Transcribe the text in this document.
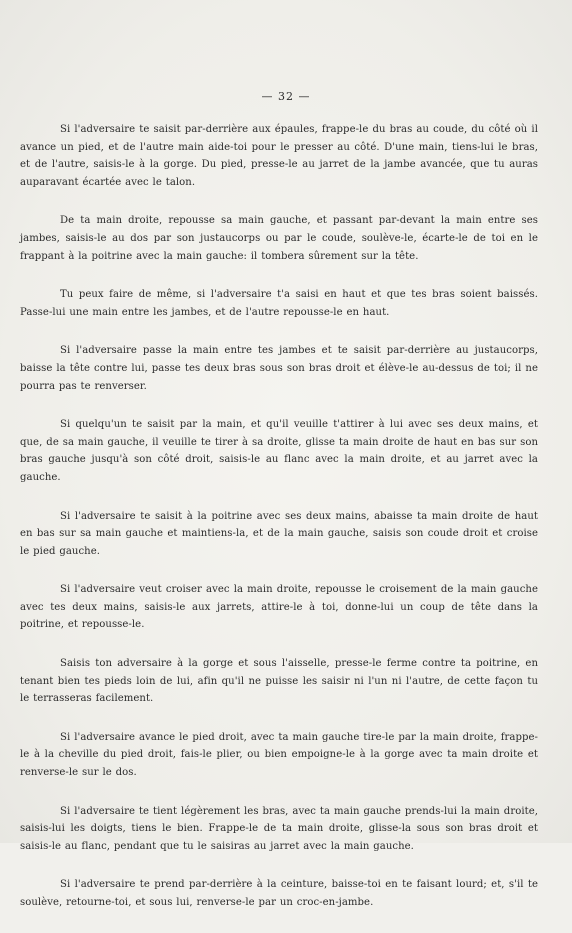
— 32 —

Si l'adversaire te saisit par-derrière aux épaules, frappe-le du bras au coude, du côté où il avance un pied, et de l'autre main aide-toi pour le presser au côté. D'une main, tiens-lui le bras, et de l'autre, saisis-le à la gorge. Du pied, presse-le au jarret de la jambe avancée, que tu auras auparavant écartée avec le talon.

De ta main droite, repousse sa main gauche, et passant par-devant la main entre ses jambes, saisis-le au dos par son justaucorps ou par le coude, soulève-le, écarte-le de toi en le frappant à la poitrine avec la main gauche: il tombera sûrement sur la tête.

Tu peux faire de même, si l'adversaire t'a saisi en haut et que tes bras soient baissés. Passe-lui une main entre les jambes, et de l'autre repousse-le en haut.

Si l'adversaire passe la main entre tes jambes et te saisit par-derrière au justaucorps, baisse la tête contre lui, passe tes deux bras sous son bras droit et élève-le au-dessus de toi; il ne pourra pas te renverser.

Si quelqu'un te saisit par la main, et qu'il veuille t'attirer à lui avec ses deux mains, et que, de sa main gauche, il veuille te tirer à sa droite, glisse ta main droite de haut en bas sur son bras gauche jusqu'à son côté droit, saisis-le au flanc avec la main droite, et au jarret avec la gauche.

Si l'adversaire te saisit à la poitrine avec ses deux mains, abaisse ta main droite de haut en bas sur sa main gauche et maintiens-la, et de la main gauche, saisis son coude droit et croise le pied gauche.

Si l'adversaire veut croiser avec la main droite, repousse le croisement de la main gauche avec tes deux mains, saisis-le aux jarrets, attire-le à toi, donne-lui un coup de tête dans la poitrine, et repousse-le.

Saisis ton adversaire à la gorge et sous l'aisselle, presse-le ferme contre ta poitrine, en tenant bien tes pieds loin de lui, afin qu'il ne puisse les saisir ni l'un ni l'autre, de cette façon tu le terrasseras facilement.

Si l'adversaire avance le pied droit, avec ta main gauche tire-le par la main droite, frappe-le à la cheville du pied droit, fais-le plier, ou bien empoigne-le à la gorge avec ta main droite et renverse-le sur le dos.

Si l'adversaire te tient légèrement les bras, avec ta main gauche prends-lui la main droite, saisis-lui les doigts, tiens le bien. Frappe-le de ta main droite, glisse-la sous son bras droit et saisis-le au flanc, pendant que tu le saisiras au jarret avec la main gauche.

Si l'adversaire te prend par-derrière à la ceinture, baisse-toi en te faisant lourd; et, s'il te soulève, retourne-toi, et sous lui, renverse-le par un croc-en-jambe.
